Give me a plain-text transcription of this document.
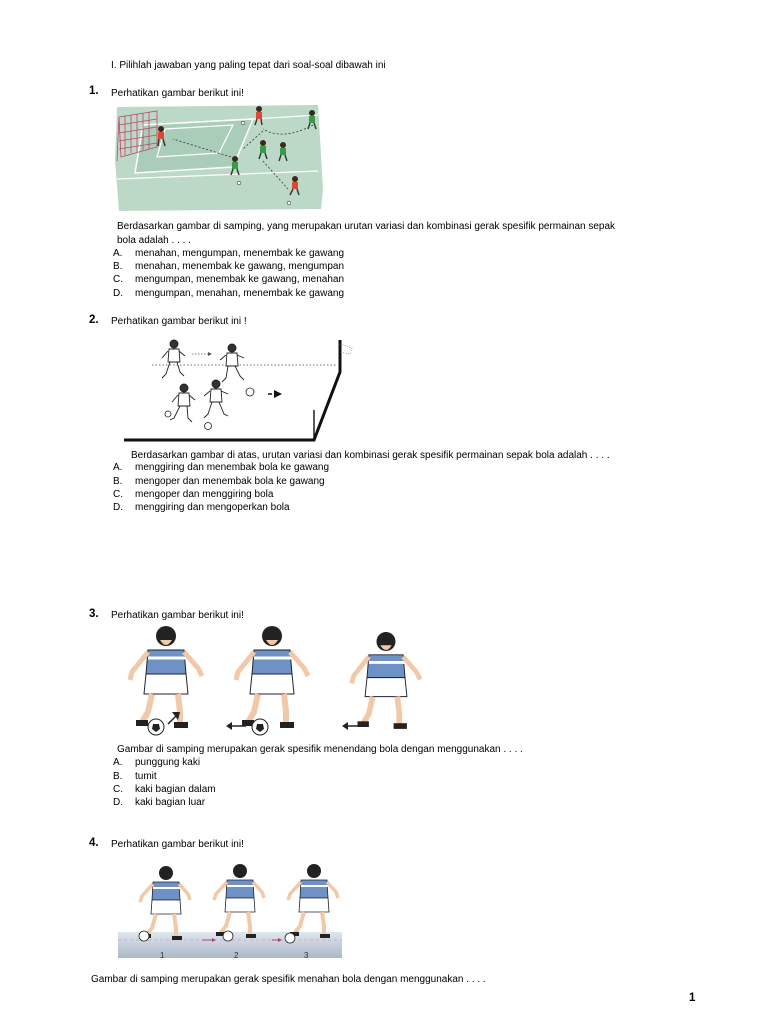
I. Pilihlah jawaban yang paling tepat dari soal-soal dibawah ini
1. Perhatikan gambar berikut ini!
Berdasarkan gambar di samping, yang merupakan urutan variasi dan kombinasi gerak spesifik permainan sepak
bola adalah . . . .
A. menahan, mengumpan, menembak ke gawang
B. menahan, menembak ke gawang, mengumpan
C. mengumpan, menembak ke gawang, menahan
D. mengumpan, menahan, menembak ke gawang
2. Perhatikan gambar berikut ini !
Berdasarkan gambar di atas, urutan variasi dan kombinasi gerak spesifik permainan sepak bola adalah . . . .
A. menggiring dan menembak bola ke gawang
B. mengoper dan menembak bola ke gawang
C. mengoper dan menggiring bola
D. menggiring dan mengoperkan bola
3. Perhatikan gambar berikut ini!
Gambar di samping merupakan gerak spesifik menendang bola dengan menggunakan . . . .
A. punggung kaki
B. tumit
C. kaki bagian dalam
D. kaki bagian luar
4. Perhatikan gambar berikut ini!
1	2	3
Gambar di samping merupakan gerak spesifik menahan bola dengan menggunakan . . . .
1
